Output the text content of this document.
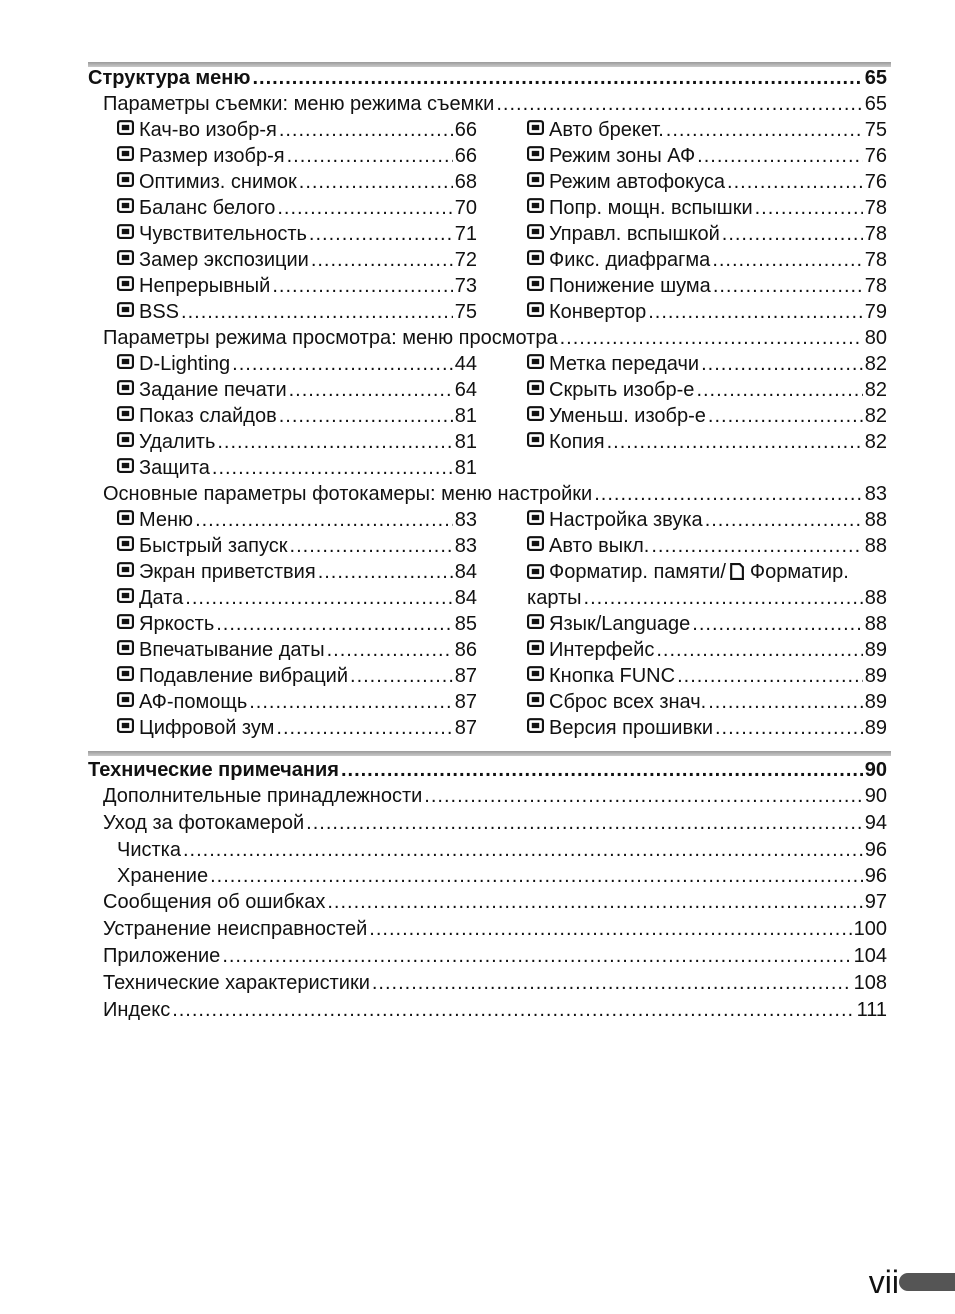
Структура меню .....	65
Параметры съемки: меню режима съемки .....	65
Кач-во изобр-я .....	66
Размер изобр-я .....	66
Оптимиз. снимок .....	68
Баланс белого .....	70
Чувствительность .....	71
Замер экспозиции .....	72
Непрерывный .....	73
BSS .....	75
Авто брекет. .....	75
Режим зоны АФ .....	76
Режим автофокуса .....	76
Попр. мощн. вспышки .....	78
Управл. вспышкой .....	78
Фикс. диафрагма .....	78
Понижение шума .....	78
Конвертор .....	79
Параметры режима просмотра: меню просмотра .....	80
D-Lighting .....	44
Задание печати .....	64
Показ слайдов .....	81
Удалить .....	81
Защита .....	81
Метка передачи .....	82
Скрыть изобр-е .....	82
Уменьш. изобр-е .....	82
Копия .....	82
Основные параметры фотокамеры: меню настройки .....	83
Меню .....	83
Быстрый запуск .....	83
Экран приветствия .....	84
Дата .....	84
Яркость .....	85
Впечатывание даты .....	86
Подавление вибраций .....	87
АФ-помощь .....	87
Цифровой зум .....	87
Настройка звука .....	88
Авто выкл. .....	88
Форматир. памяти/ Форматир.
карты .....	88
Язык/Language .....	88
Интерфейс .....	89
Кнопка FUNC .....	89
Сброс всех знач. .....	89
Версия прошивки .....	89
Технические примечания .....	90
Дополнительные принадлежности .....	90
Уход за фотокамерой .....	94
Чистка .....	96
Хранение .....	96
Сообщения об ошибках .....	97
Устранение неисправностей .....	100
Приложение .....	104
Технические характеристики .....	108
Индекс .....	111
vii
